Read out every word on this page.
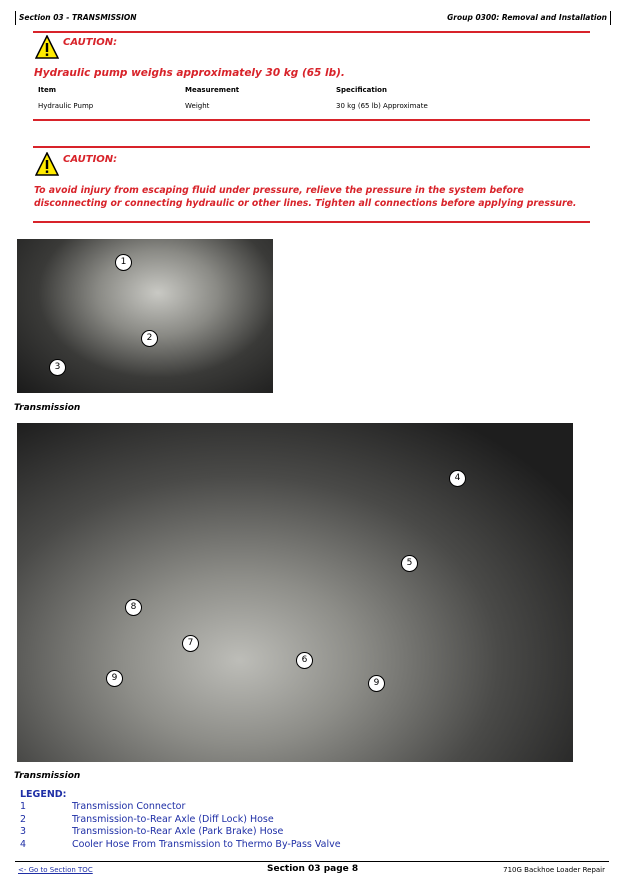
Section 03 - TRANSMISSION	Group 0300: Removal and Installation
CAUTION:
Hydraulic pump weighs approximately 30 kg (65 lb).
Item	Measurement	Specification
Hydraulic Pump	Weight	30 kg (65 lb) Approximate
CAUTION:
To avoid injury from escaping fluid under pressure, relieve the pressure in the system before
disconnecting or connecting hydraulic or other lines. Tighten all connections before applying pressure.
1
2
3
Transmission
4
5
8
7
6
9	9
Transmission
LEGEND:
1	Transmission Connector
2	Transmission-to-Rear Axle (Diff Lock) Hose
3	Transmission-to-Rear Axle (Park Brake) Hose
4	Cooler Hose From Transmission to Thermo By-Pass Valve
<- Go to Section TOC	Section 03 page 8	710G Backhoe Loader Repair
